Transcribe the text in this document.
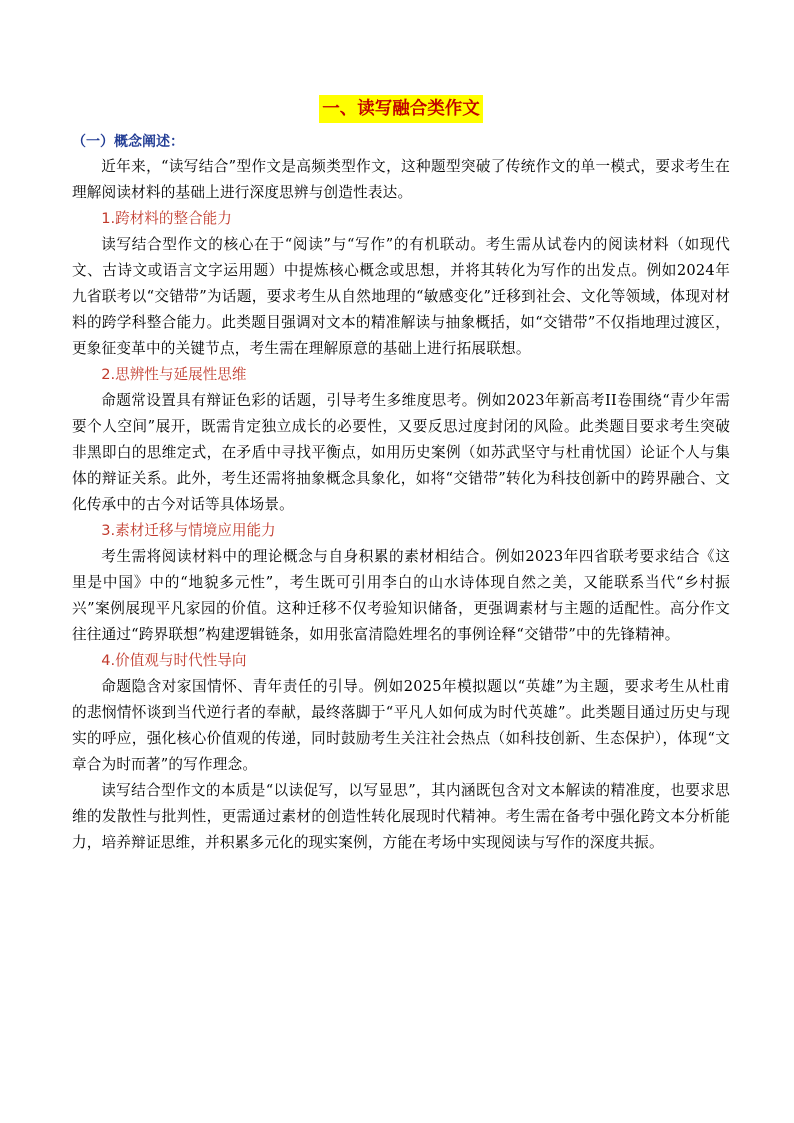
一、读写融合类作文
（一）概念阐述：

近年来，“读写结合”型作文是高频类型作文，这种题型突破了传统作文的单一模式，要求考生在理解阅读材料的基础上进行深度思辨与创造性表达。

1.跨材料的整合能力

读写结合型作文的核心在于“阅读”与“写作”的有机联动。考生需从试卷内的阅读材料（如现代文、古诗文或语言文字运用题）中提炼核心概念或思想，并将其转化为写作的出发点。例如2024年九省联考以“交错带”为话题，要求考生从自然地理的“敏感变化”迁移到社会、文化等领域，体现对材料的跨学科整合能力。此类题目强调对文本的精准解读与抽象概括，如“交错带”不仅指地理过渡区，更象征变革中的关键节点，考生需在理解原意的基础上进行拓展联想。

2.思辨性与延展性思维

命题常设置具有辩证色彩的话题，引导考生多维度思考。例如2023年新高考II卷围绕“青少年需要个人空间”展开，既需肯定独立成长的必要性，又要反思过度封闭的风险。此类题目要求考生突破非黑即白的思维定式，在矛盾中寻找平衡点，如用历史案例（如苏武坚守与杜甫忧国）论证个人与集体的辩证关系。此外，考生还需将抽象概念具象化，如将“交错带”转化为科技创新中的跨界融合、文化传承中的古今对话等具体场景。

3.素材迁移与情境应用能力

考生需将阅读材料中的理论概念与自身积累的素材相结合。例如2023年四省联考要求结合《这里是中国》中的“地貌多元性”，考生既可引用李白的山水诗体现自然之美，又能联系当代“乡村振兴”案例展现平凡家园的价值。这种迁移不仅考验知识储备，更强调素材与主题的适配性。高分作文往往通过“跨界联想”构建逻辑链条，如用张富清隐姓埋名的事例诠释“交错带”中的先锋精神。

4.价值观与时代性导向

命题隐含对家国情怀、青年责任的引导。例如2025年模拟题以“英雄”为主题，要求考生从杜甫的悲悯情怀谈到当代逆行者的奉献，最终落脚于“平凡人如何成为时代英雄”。此类题目通过历史与现实的呼应，强化核心价值观的传递，同时鼓励考生关注社会热点（如科技创新、生态保护），体现“文章合为时而著”的写作理念。

读写结合型作文的本质是“以读促写，以写显思”，其内涵既包含对文本解读的精准度，也要求思维的发散性与批判性，更需通过素材的创造性转化展现时代精神。考生需在备考中强化跨文本分析能力，培养辩证思维，并积累多元化的现实案例，方能在考场中实现阅读与写作的深度共振。
